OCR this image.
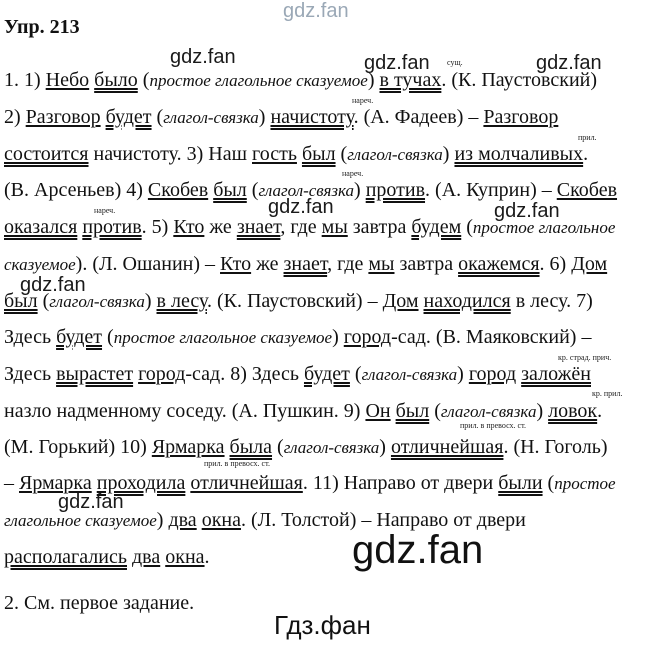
gdz.fan
gdz.fan	gdz.fan	gdz.fan
gdz.fan	gdz.fan
gdz.fan
gdz.fan
gdz.fan
Гдз.фан
Упр. 213
сущ.
нареч.
прил.
нареч.
нареч.
кр. страд. прич.
кр. прил.
прил. в превосх. ст.
прил. в превосх. ст.
1. 1) Небо было (простое глагольное сказуемое) в тучах. (К. Паустовский)
2) Разговор будет (глагол-связка) начистоту. (А. Фадеев) – Разговор
состоится начистоту. 3) Наш гость был (глагол-связка) из молчаливых.
(В. Арсеньев) 4) Скобев был (глагол-связка) против. (А. Куприн) – Скобев
оказался против. 5) Кто же знает, где мы завтра будем (простое глагольное
сказуемое). (Л. Ошанин) – Кто же знает, где мы завтра окажемся. 6) Дом
был (глагол-связка) в лесу. (К. Паустовский) – Дом находился в лесу. 7)
Здесь будет (простое глагольное сказуемое) город-сад. (В. Маяковский) –
Здесь вырастет город-сад. 8) Здесь будет (глагол-связка) город заложён
назло надменному соседу. (А. Пушкин. 9) Он был (глагол-связка) ловок.
(М. Горький) 10) Ярмарка была (глагол-связка) отличнейшая. (Н. Гоголь)
– Ярмарка проходила отличнейшая. 11) Направо от двери были (простое
глагольное сказуемое) два окна. (Л. Толстой) – Направо от двери
располагались два окна.
2. См. первое задание.
